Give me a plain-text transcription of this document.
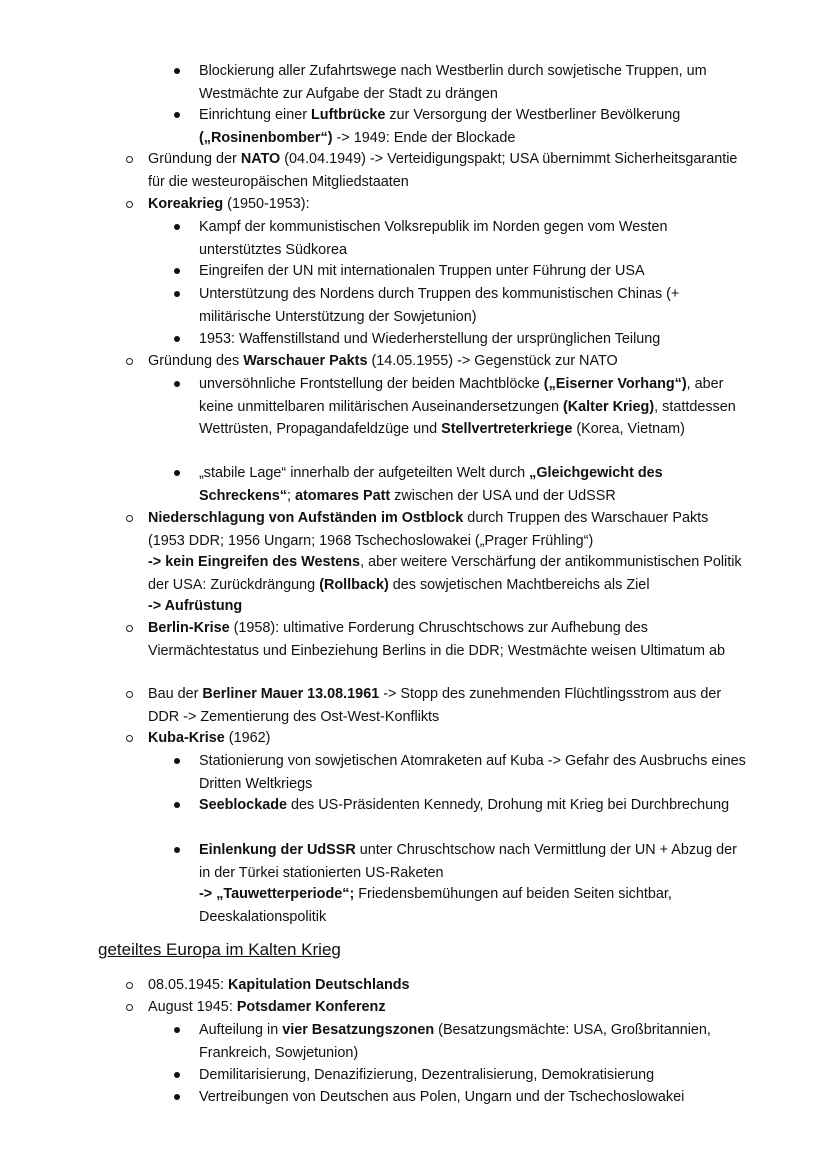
Blockierung aller Zufahrtswege nach Westberlin durch sowjetische Truppen, um Westmächte zur Aufgabe der Stadt zu drängen
Einrichtung einer Luftbrücke zur Versorgung der Westberliner Bevölkerung („Rosinenbomber“) -> 1949: Ende der Blockade
Gründung der NATO (04.04.1949) -> Verteidigungspakt; USA übernimmt Sicherheitsgarantie für die westeuropäischen Mitgliedstaaten
Koreakrieg (1950-1953):
Kampf der kommunistischen Volksrepublik im Norden gegen vom Westen unterstütztes Südkorea
Eingreifen der UN mit internationalen Truppen unter Führung der USA
Unterstützung des Nordens durch Truppen des kommunistischen Chinas (+ militärische Unterstützung der Sowjetunion)
1953: Waffenstillstand und Wiederherstellung der ursprünglichen Teilung
Gründung des Warschauer Pakts (14.05.1955) -> Gegenstück zur NATO
unversöhnliche Frontstellung der beiden Machtblöcke („Eiserner Vorhang“), aber keine unmittelbaren militärischen Auseinandersetzungen (Kalter Krieg), stattdessen Wettrüsten, Propagandafeldzüge und Stellvertreterkriege (Korea, Vietnam)
„stabile Lage“ innerhalb der aufgeteilten Welt durch „Gleichgewicht des Schreckens“; atomares Patt zwischen der USA und der UdSSR
Niederschlagung von Aufständen im Ostblock durch Truppen des Warschauer Pakts (1953 DDR; 1956 Ungarn; 1968 Tschechoslowakei („Prager Frühling“)
-> kein Eingreifen des Westens, aber weitere Verschärfung der antikommunistischen Politik der USA: Zurückdrängung (Rollback) des sowjetischen Machtbereichs als Ziel
-> Aufrüstung
Berlin-Krise (1958): ultimative Forderung Chruschtschows zur Aufhebung des Viermächtestatus und Einbeziehung Berlins in die DDR; Westmächte weisen Ultimatum ab
Bau der Berliner Mauer 13.08.1961 -> Stopp des zunehmenden Flüchtlingsstrom aus der DDR -> Zementierung des Ost-West-Konflikts
Kuba-Krise (1962)
Stationierung von sowjetischen Atomraketen auf Kuba -> Gefahr des Ausbruchs eines Dritten Weltkriegs
Seeblockade des US-Präsidenten Kennedy, Drohung mit Krieg bei Durchbrechung
Einlenkung der UdSSR unter Chruschtschow nach Vermittlung der UN + Abzug der in der Türkei stationierten US-Raketen
-> „Tauwetterperiode“; Friedensbemühungen auf beiden Seiten sichtbar, Deeskalationspolitik
geteiltes Europa im Kalten Krieg
08.05.1945: Kapitulation Deutschlands
August 1945: Potsdamer Konferenz
Aufteilung in vier Besatzungszonen (Besatzungsmächte: USA, Großbritannien, Frankreich, Sowjetunion)
Demilitarisierung, Denazifizierung, Dezentralisierung, Demokratisierung
Vertreibungen von Deutschen aus Polen, Ungarn und der Tschechoslowakei
